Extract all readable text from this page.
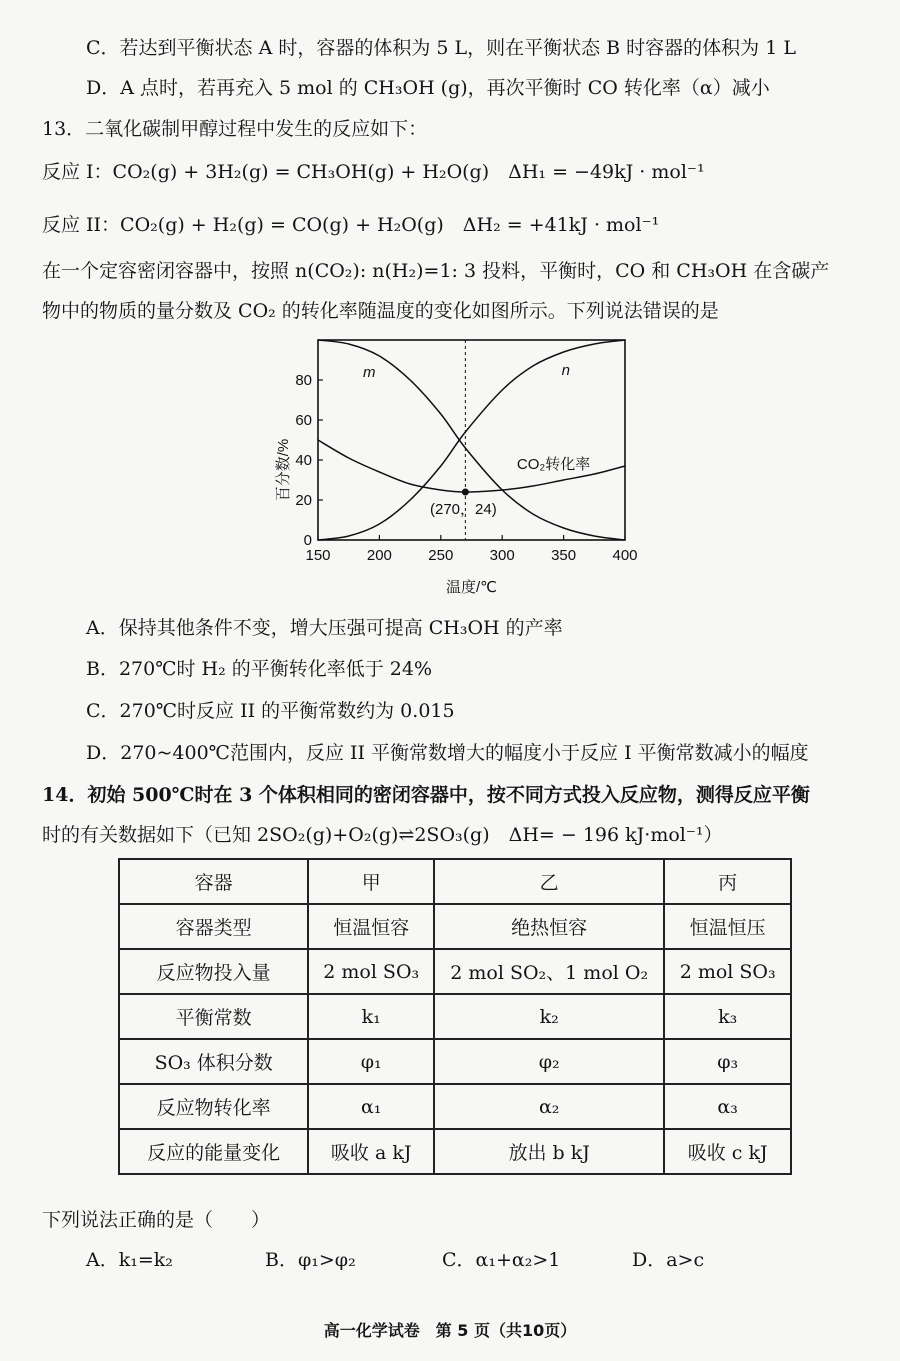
C．若达到平衡状态 A 时，容器的体积为 5 L，则在平衡状态 B 时容器的体积为 1 L
D．A 点时，若再充入 5 mol 的 CH₃OH (g)，再次平衡时 CO 转化率（α）减小
13．二氧化碳制甲醇过程中发生的反应如下：
反应 I：CO₂(g) + 3H₂(g) = CH₃OH(g) + H₂O(g)　ΔH₁ = −49kJ · mol⁻¹
反应 II：CO₂(g) + H₂(g) = CO(g) + H₂O(g)　ΔH₂ = +41kJ · mol⁻¹
在一个定容密闭容器中，按照 n(CO₂): n(H₂)=1: 3 投料，平衡时，CO 和 CH₃OH 在含碳产
物中的物质的量分数及 CO₂ 的转化率随温度的变化如图所示。下列说法错误的是
150 200 250 300 350 400
0
20
40
60
80	m	n
CO₂转化率
(270，24)
温度/℃
百分数/%
A．保持其他条件不变，增大压强可提高 CH₃OH 的产率
B．270℃时 H₂ 的平衡转化率低于 24%
C．270℃时反应 II 的平衡常数约为 0.015
D．270~400℃范围内，反应 II 平衡常数增大的幅度小于反应 I 平衡常数减小的幅度
14．初始 500℃时在 3 个体积相同的密闭容器中，按不同方式投入反应物，测得反应平衡
时的有关数据如下（已知 2SO₂(g)+O₂(g)⇌2SO₃(g)　ΔH= − 196 kJ·mol⁻¹）
容器	甲	乙	丙
容器类型	恒温恒容	绝热恒容	恒温恒压
反应物投入量	2 mol SO₃	2 mol SO₂、1 mol O₂	2 mol SO₃
平衡常数	k₁	k₂	k₃
SO₃ 体积分数	φ₁	φ₂	φ₃
反应物转化率	α₁	α₂	α₃
反应的能量变化	吸收 a kJ	放出 b kJ	吸收 c kJ
下列说法正确的是（　　）
A．k₁=k₂	B．φ₁>φ₂	C．α₁+α₂>1	D．a>c
高一化学试卷　第 5 页（共10页）
